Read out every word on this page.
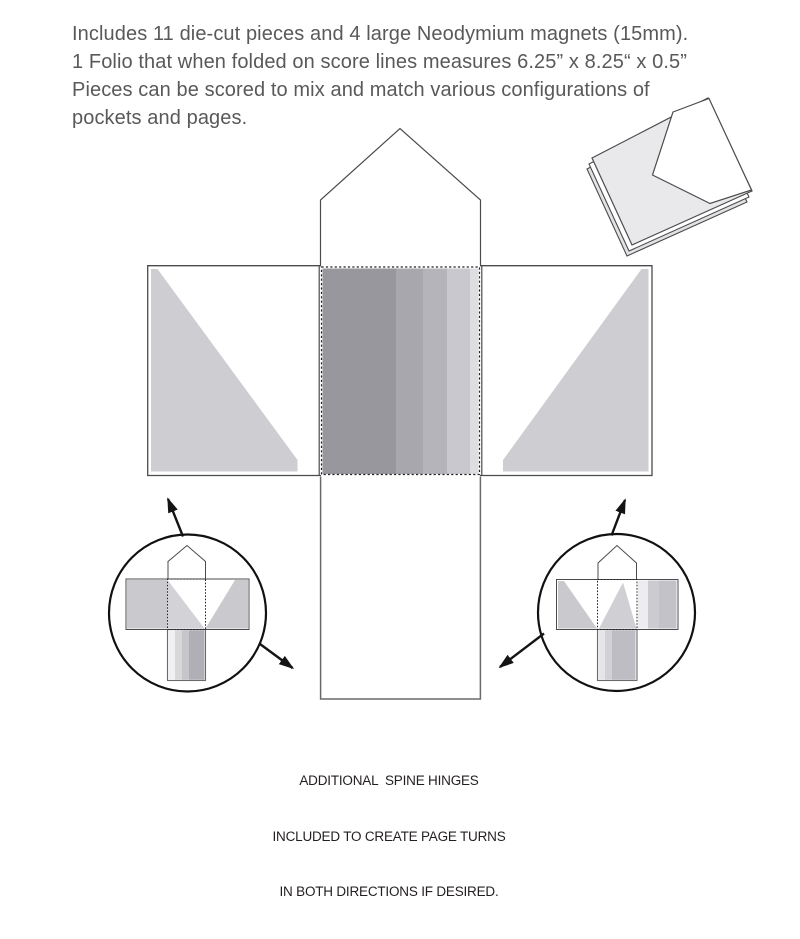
Includes 11 die-cut pieces and 4 large Neodymium magnets (15mm).
1 Folio that when folded on score lines measures 6.25” x 8.25“ x 0.5”
Pieces can be scored to mix and match various configurations of
pockets and pages.

ADDITIONAL  SPINE HINGES

INCLUDED TO CREATE PAGE TURNS

IN BOTH DIRECTIONS IF DESIRED.
